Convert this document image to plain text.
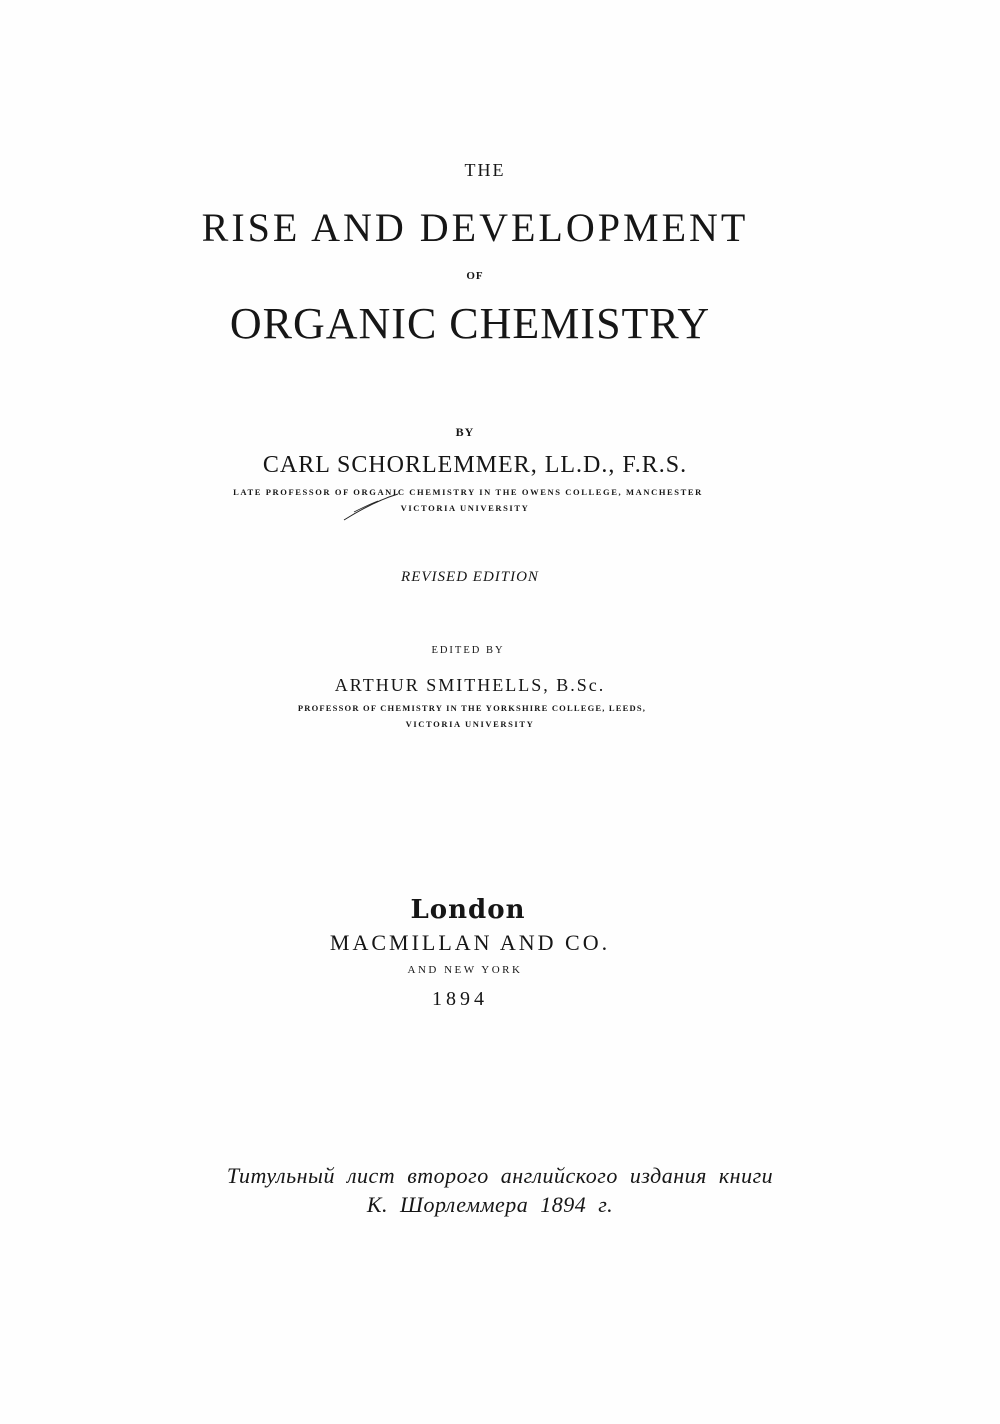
THE
RISE AND DEVELOPMENT
OF
ORGANIC CHEMISTRY
BY
CARL SCHORLEMMER, LL.D., F.R.S.
LATE PROFESSOR OF ORGANIC CHEMISTRY IN THE OWENS COLLEGE, MANCHESTER
VICTORIA UNIVERSITY
REVISED EDITION
EDITED BY
ARTHUR SMITHELLS, B.Sc.
PROFESSOR OF CHEMISTRY IN THE YORKSHIRE COLLEGE, LEEDS,
VICTORIA UNIVERSITY
London
MACMILLAN AND CO.
AND NEW YORK
1894
Титульный лист второго английского издания книги
К. Шорлеммера 1894 г.
